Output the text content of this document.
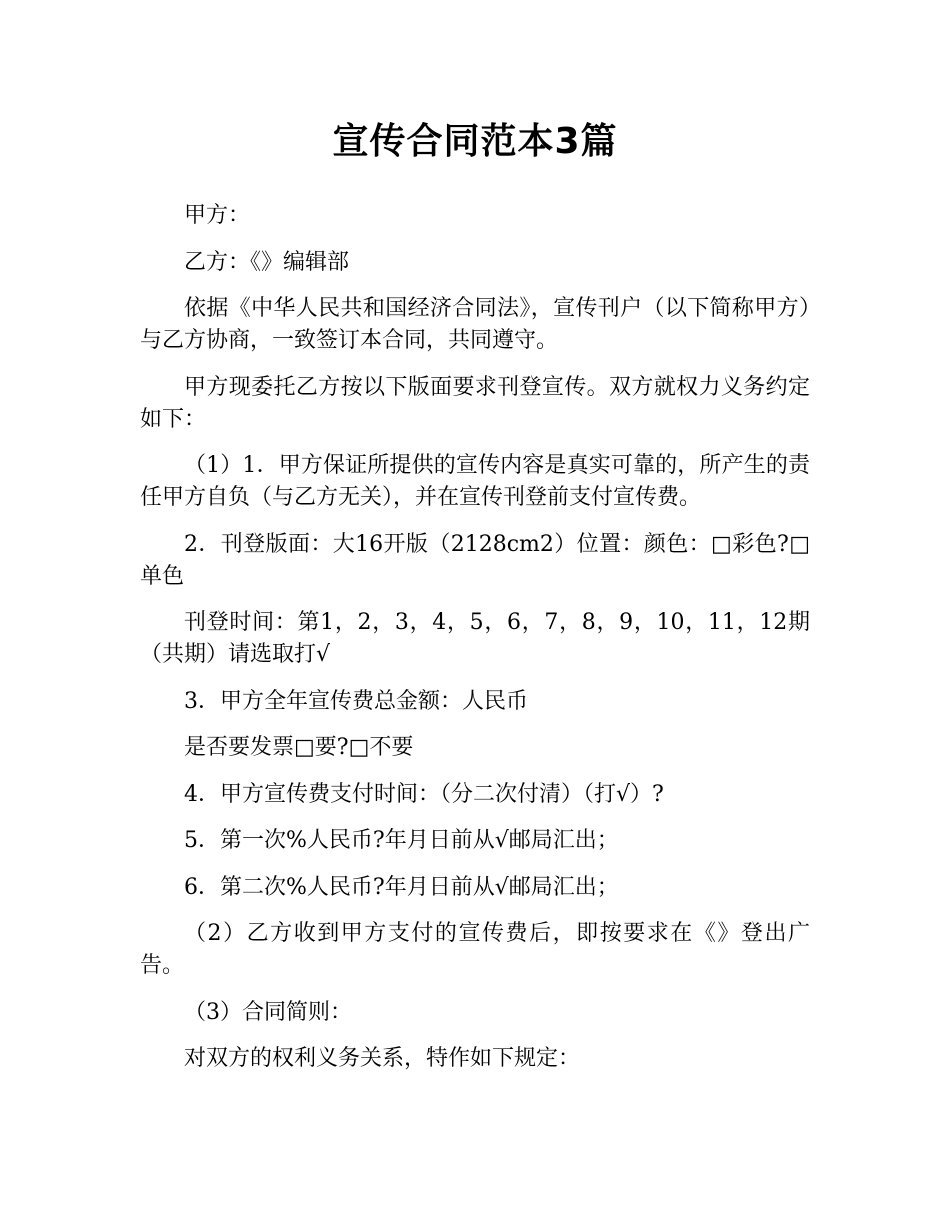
宣传合同范本3篇

甲方：

乙方：《》编辑部

依据《中华人民共和国经济合同法》，宣传刊户（以下简称甲方）与乙方协商，一致签订本合同，共同遵守。

甲方现委托乙方按以下版面要求刊登宣传。双方就权力义务约定如下：

（1）1．甲方保证所提供的宣传内容是真实可靠的，所产生的责任甲方自负（与乙方无关），并在宣传刊登前支付宣传费。

2．刊登版面：大16开版（2128cm2）位置：颜色：□彩色?□单色

刊登时间：第1，2，3，4，5，6，7，8，9，10，11，12期（共期）请选取打√

3．甲方全年宣传费总金额：人民币

是否要发票□要?□不要

4．甲方宣传费支付时间：（分二次付清）（打√）?

5．第一次%人民币?年月日前从√邮局汇出；

6．第二次%人民币?年月日前从√邮局汇出；

（2）乙方收到甲方支付的宣传费后，即按要求在《》登出广告。

（3）合同简则：

对双方的权利义务关系，特作如下规定：
